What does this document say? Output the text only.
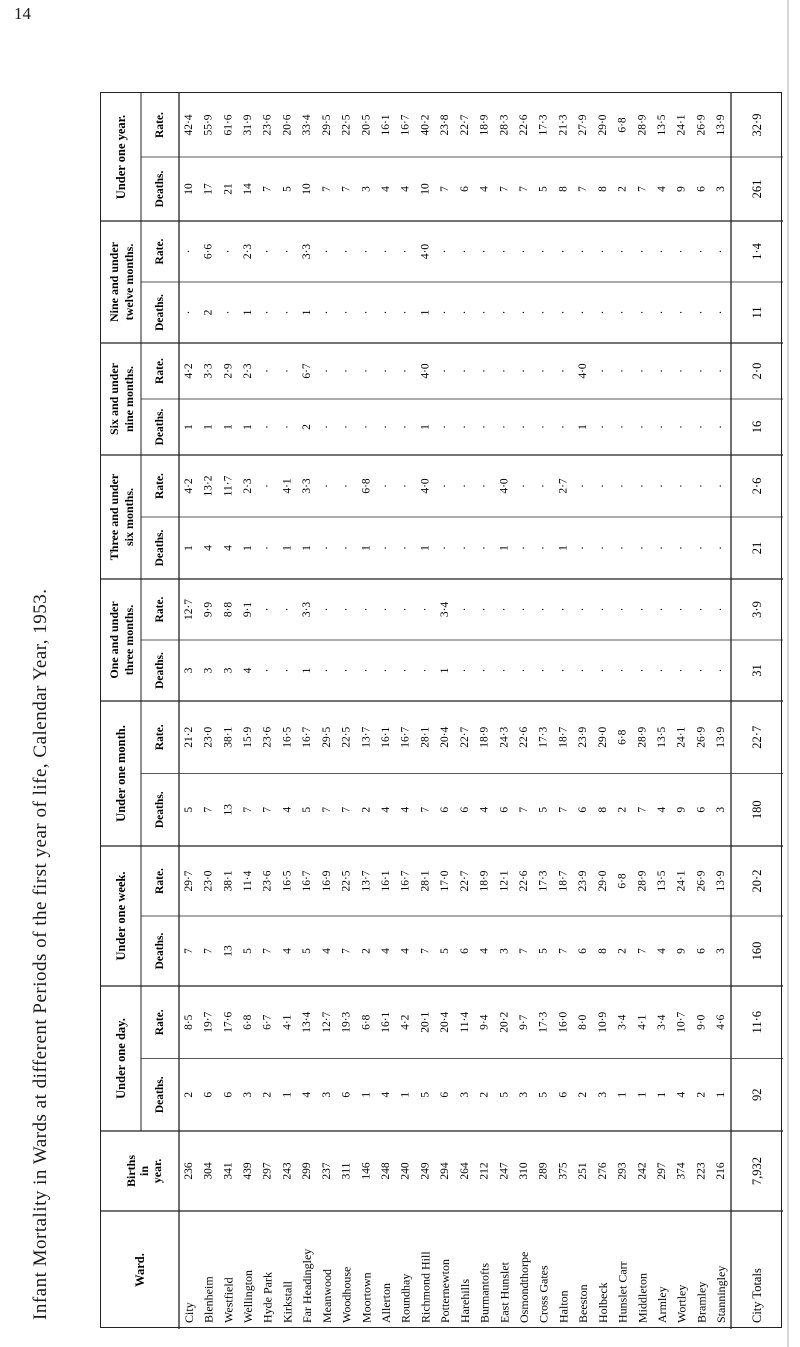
14
Infant Mortality in Wards at different Periods of the first year of life, Calendar Year, 1953.	Under one day. Deaths.
Rate.
Under one week. Deaths.
Rate.
Under one month. Deaths.
Rate.
One and under three months. Deaths.
Rate.
Three and under six months.
Deaths.
Rate.
Six and under nine months. Deaths.
Rate.
Nine and under twelve months. Deaths.
Rate.
Under one year. Deaths.
Rate.
Births in year.
Ward.
City
236
2
8·5
7
29·7
5
21·2
3
12·7
1
4·2
1
4·2
·
·
10
42·4
Blenheim
304
6
19·7
7
23·0
7
23·0
3
9·9
4
13·2
1
3·3
2
6·6
17
55·9
Westfield
341
6
17·6
13
38·1
13
38·1
3
8·8
4
11·7
1
2·9
·
·
21
61·6
Wellington
439
3
6·8
5
11·4
7
15·9
4
9·1
1
2·3
1
2·3
1
2·3
14
31·9
Hyde Park
297
2
6·7
7
23·6
7
23·6
·
·
·
·
·
·
·
·
7
23·6
Kirkstall
243
1
4·1
4
16·5
4
16·5
·
·
1
4·1
·
·
·
·
5
20·6
Far Headingley
299
4
13·4
5
16·7
5
16·7
1
3·3
1
3·3
2
6·7
1
3·3
10
33·4
Meanwood
237
3
12·7
4
16·9
7
29·5
·
·
·
·
·
·
·
·
7
29·5
Woodhouse
311
6
19·3
7
22·5
7
22·5
·
·
·
·
·
·
·
·
7
22·5
Moortown
146
1
6·8
2
13·7
2
13·7
·
·
1
6·8
·
·
·
·
3
20·5
Allerton
248
4
16·1
4
16·1
4
16·1
·
·
·
·
·
·
·
·
4
16·1
Roundhay
240
1
4·2
4
16·7
4
16·7
·
·
·
·
·
·
·
·
4
16·7
Richmond Hill
249
5
20·1
7
28·1
7
28·1
·
·
1
4·0
1
4·0
1
4·0
10
40·2
Potternewton
294
6
20·4
5
17·0
6
20·4
1
3·4
·
·
·
·
·
·
7
23·8
Harehills
264
3
11·4
6
22·7
6
22·7
·
·
·
·
·
·
·
·
6
22·7
Burmantofts
212
2
9·4
4
18·9
4
18·9
·
·
·
·
·
·
·
·
4
18·9
East Hunslet
247
5
20·2
3
12·1
6
24·3
·
·
1
4·0
·
·
·
·
7
28·3
Osmondthorpe
310
3
9·7
7
22·6
7
22·6
·
·
·
·
·
·
·
·
7
22·6
Cross Gates
289
5
17·3
5
17·3
5
17·3
·
·
·
·
·
·
·
·
5
17·3
Halton
375
6
16·0
7
18·7
7
18·7
·
·
1
2·7
·
·
·
·
8
21·3
Beeston
251
2
8·0
6
23·9
6
23·9
·
·
·
·
1
4·0
·
·
7
27·9
Holbeck
276
3
10·9
8
29·0
8
29·0
·
·
·
·
·
·
·
·
8
29·0
Hunslet Carr
293
1
3·4
2
6·8
2
6·8
·
·
·
·
·
·
·
·
2
6·8
Middleton
242
1
4·1
7
28·9
7
28·9
·
·
·
·
·
·
·
·
7
28·9
Armley
297
1
3·4
4
13·5
4
13·5
·
·
·
·
·
·
·
·
4
13·5
Wortley
374
4
10·7
9
24·1
9
24·1
·
·
·
·
·
·
·
·
9
24·1
Bramley
223
2
9·0
6
26·9
6
26·9
·
·
·
·
·
·
·
·
6
26·9
Stanningley
216
1
4·6
3
13·9
3
13·9
·
·
·
·
·
·
·
·
3
13·9
City Totals
7,932
92
11·6
160
20·2
180
22·7
31
3·9
21
2·6
16
2·0
11
1·4
261
32·9
